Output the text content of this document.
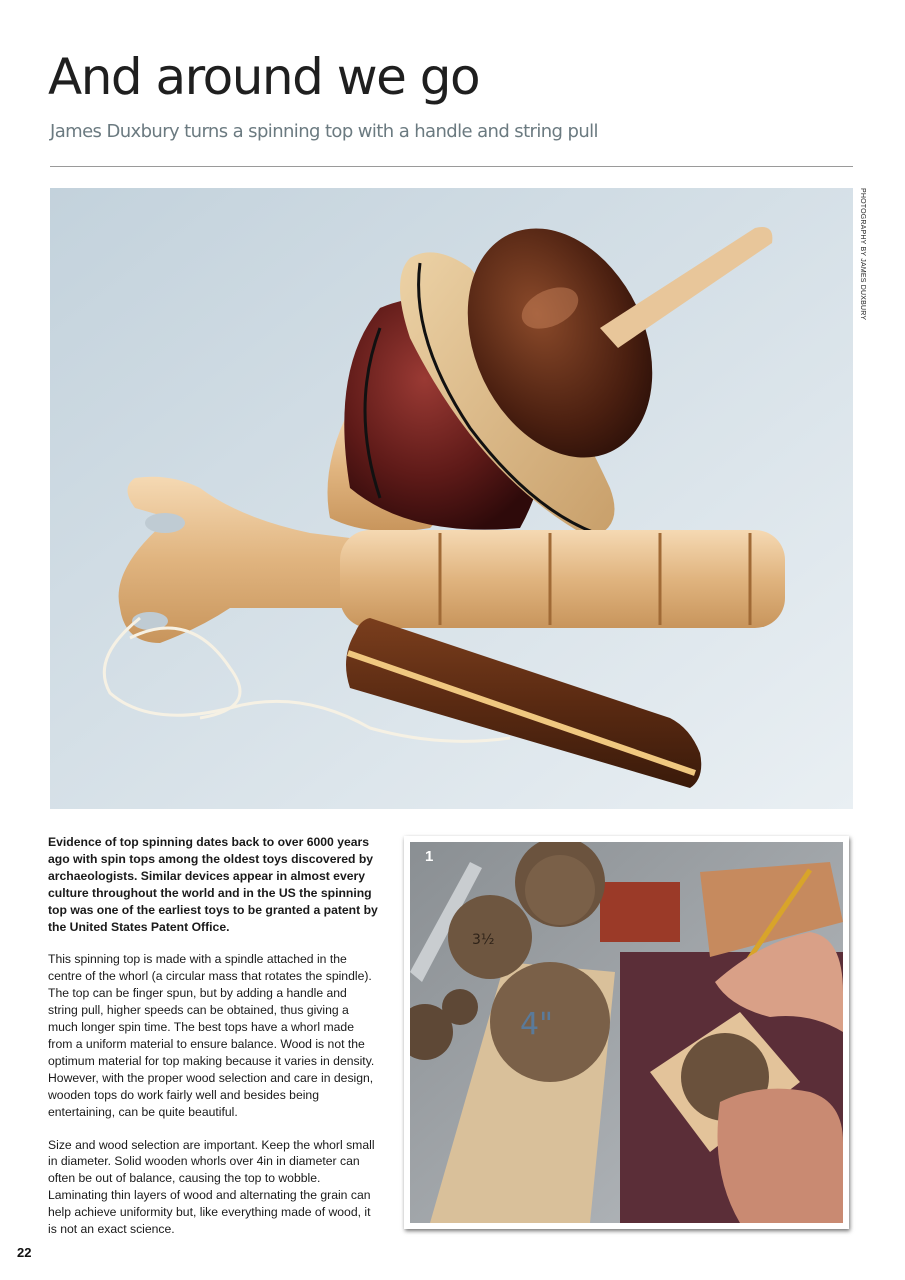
And around we go

James Duxbury turns a spinning top with a handle and string pull

PHOTOGRAPHY BY JAMES DUXBURY

Evidence of top spinning dates back to over 6000 years ago with spin tops among the oldest toys discovered by archaeologists. Similar devices appear in almost every culture throughout the world and in the US the spinning top was one of the earliest toys to be granted a patent by the United States Patent Office.

This spinning top is made with a spindle attached in the centre of the whorl (a circular mass that rotates the spindle). The top can be finger spun, but by adding a handle and string pull, higher speeds can be obtained, thus giving a much longer spin time. The best tops have a whorl made from a uniform material to ensure balance. Wood is not the optimum material for top making because it varies in density. However, with the proper wood selection and care in design, wooden tops do work fairly well and besides being entertaining, can be quite beautiful.

Size and wood selection are important. Keep the whorl small in diameter. Solid wooden whorls over 4in in diameter can often be out of balance, causing the top to wobble. Laminating thin layers of wood and alternating the grain can help achieve uniformity but, like everything made of wood, it is not an exact science.

3½
4"
1
22
